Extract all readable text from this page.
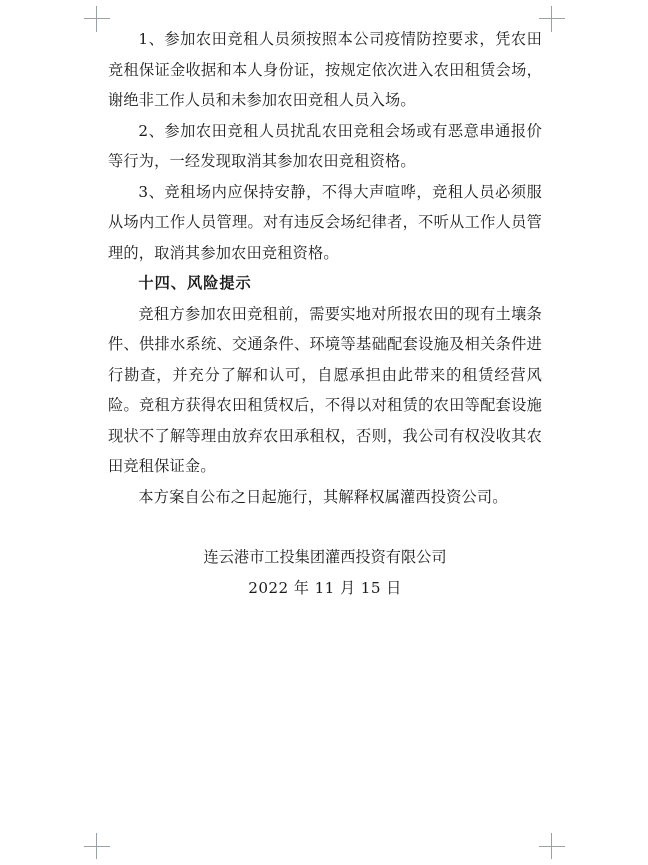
1、参加农田竞租人员须按照本公司疫情防控要求，凭农田竞租保证金收据和本人身份证，按规定依次进入农田租赁会场，谢绝非工作人员和未参加农田竞租人员入场。

2、参加农田竞租人员扰乱农田竞租会场或有恶意串通报价等行为，一经发现取消其参加农田竞租资格。

3、竞租场内应保持安静，不得大声喧哗，竞租人员必须服从场内工作人员管理。对有违反会场纪律者，不听从工作人员管理的，取消其参加农田竞租资格。

十四、风险提示

竞租方参加农田竞租前，需要实地对所报农田的现有土壤条件、供排水系统、交通条件、环境等基础配套设施及相关条件进行勘查，并充分了解和认可，自愿承担由此带来的租赁经营风险。竞租方获得农田租赁权后，不得以对租赁的农田等配套设施现状不了解等理由放弃农田承租权，否则，我公司有权没收其农田竞租保证金。

本方案自公布之日起施行，其解释权属灌西投资公司。

连云港市工投集团灌西投资有限公司
2022 年 11 月 15 日
